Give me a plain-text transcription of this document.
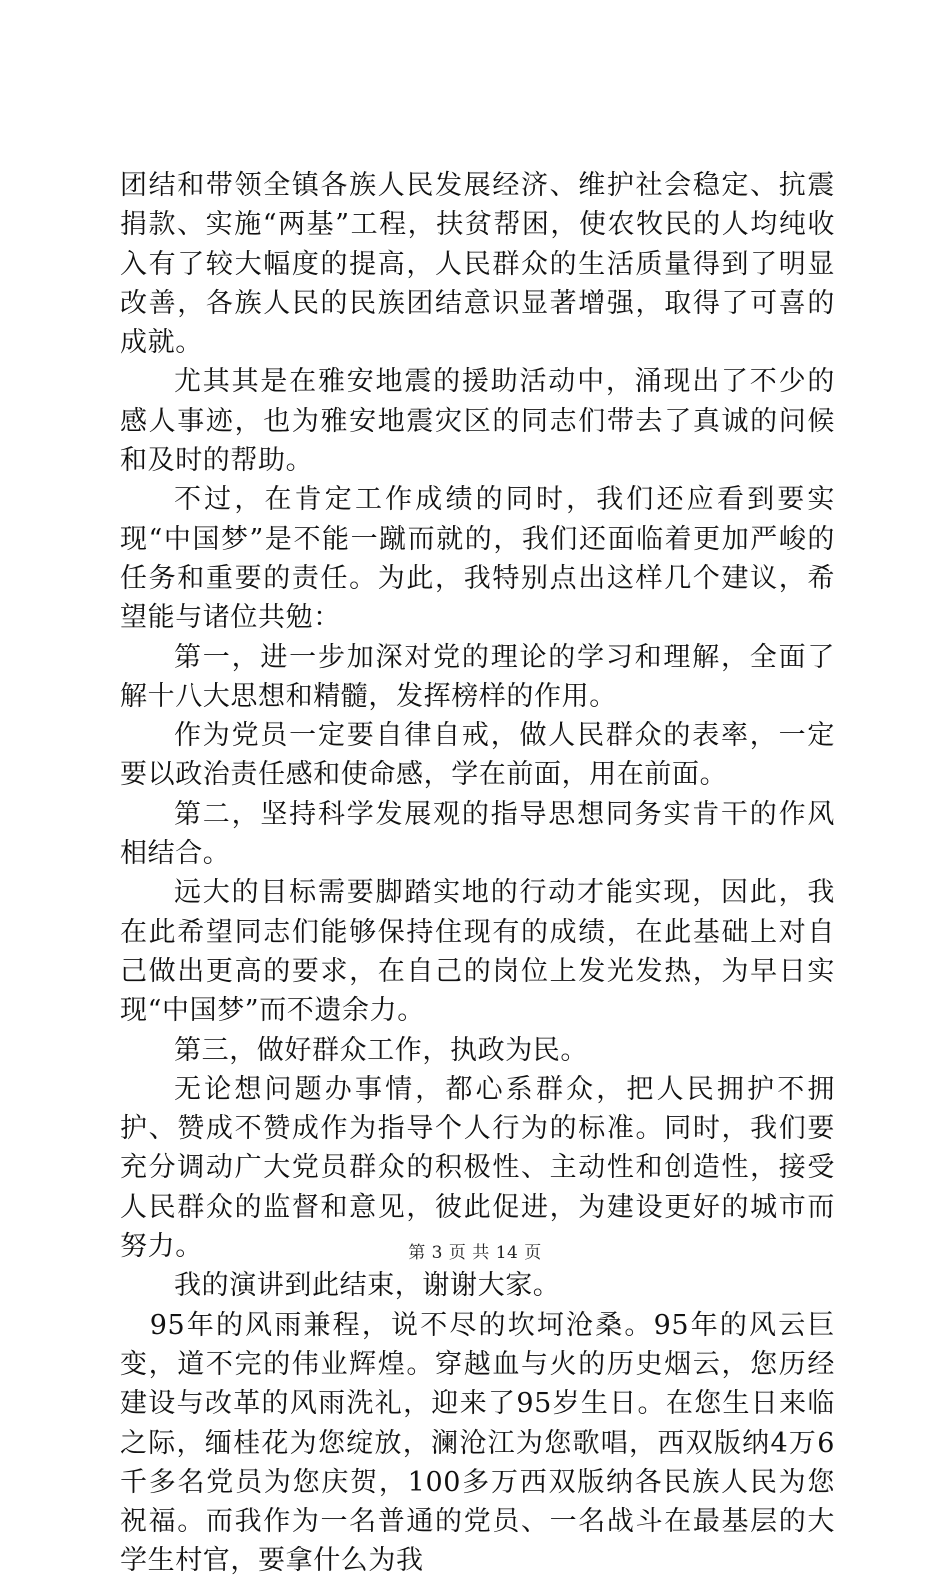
团结和带领全镇各族人民发展经济、维护社会稳定、抗震捐款、实施“两基”工程，扶贫帮困，使农牧民的人均纯收入有了较大幅度的提高，人民群众的生活质量得到了明显改善，各族人民的民族团结意识显著增强，取得了可喜的成就。

尤其其是在雅安地震的援助活动中，涌现出了不少的感人事迹，也为雅安地震灾区的同志们带去了真诚的问候和及时的帮助。

不过，在肯定工作成绩的同时，我们还应看到要实现“中国梦”是不能一蹴而就的，我们还面临着更加严峻的任务和重要的责任。为此，我特别点出这样几个建议，希望能与诸位共勉：

第一，进一步加深对党的理论的学习和理解，全面了解十八大思想和精髓，发挥榜样的作用。

作为党员一定要自律自戒，做人民群众的表率，一定要以政治责任感和使命感，学在前面，用在前面。

第二，坚持科学发展观的指导思想同务实肯干的作风相结合。

远大的目标需要脚踏实地的行动才能实现，因此，我在此希望同志们能够保持住现有的成绩，在此基础上对自己做出更高的要求，在自己的岗位上发光发热，为早日实现“中国梦”而不遗余力。

第三，做好群众工作，执政为民。

无论想问题办事情，都心系群众，把人民拥护不拥护、赞成不赞成作为指导个人行为的标准。同时，我们要充分调动广大党员群众的积极性、主动性和创造性，接受人民群众的监督和意见，彼此促进，为建设更好的城市而努力。

我的演讲到此结束，谢谢大家。

95年的风雨兼程，说不尽的坎坷沧桑。95年的风云巨变，道不完的伟业辉煌。穿越血与火的历史烟云，您历经建设与改革的风雨洗礼，迎来了95岁生日。在您生日来临之际，缅桂花为您绽放，澜沧江为您歌唱，西双版纳4万6千多名党员为您庆贺，100多万西双版纳各民族人民为您祝福。而我作为一名普通的党员、一名战斗在最基层的大学生村官，要拿什么为我

第 3 页 共 14 页
